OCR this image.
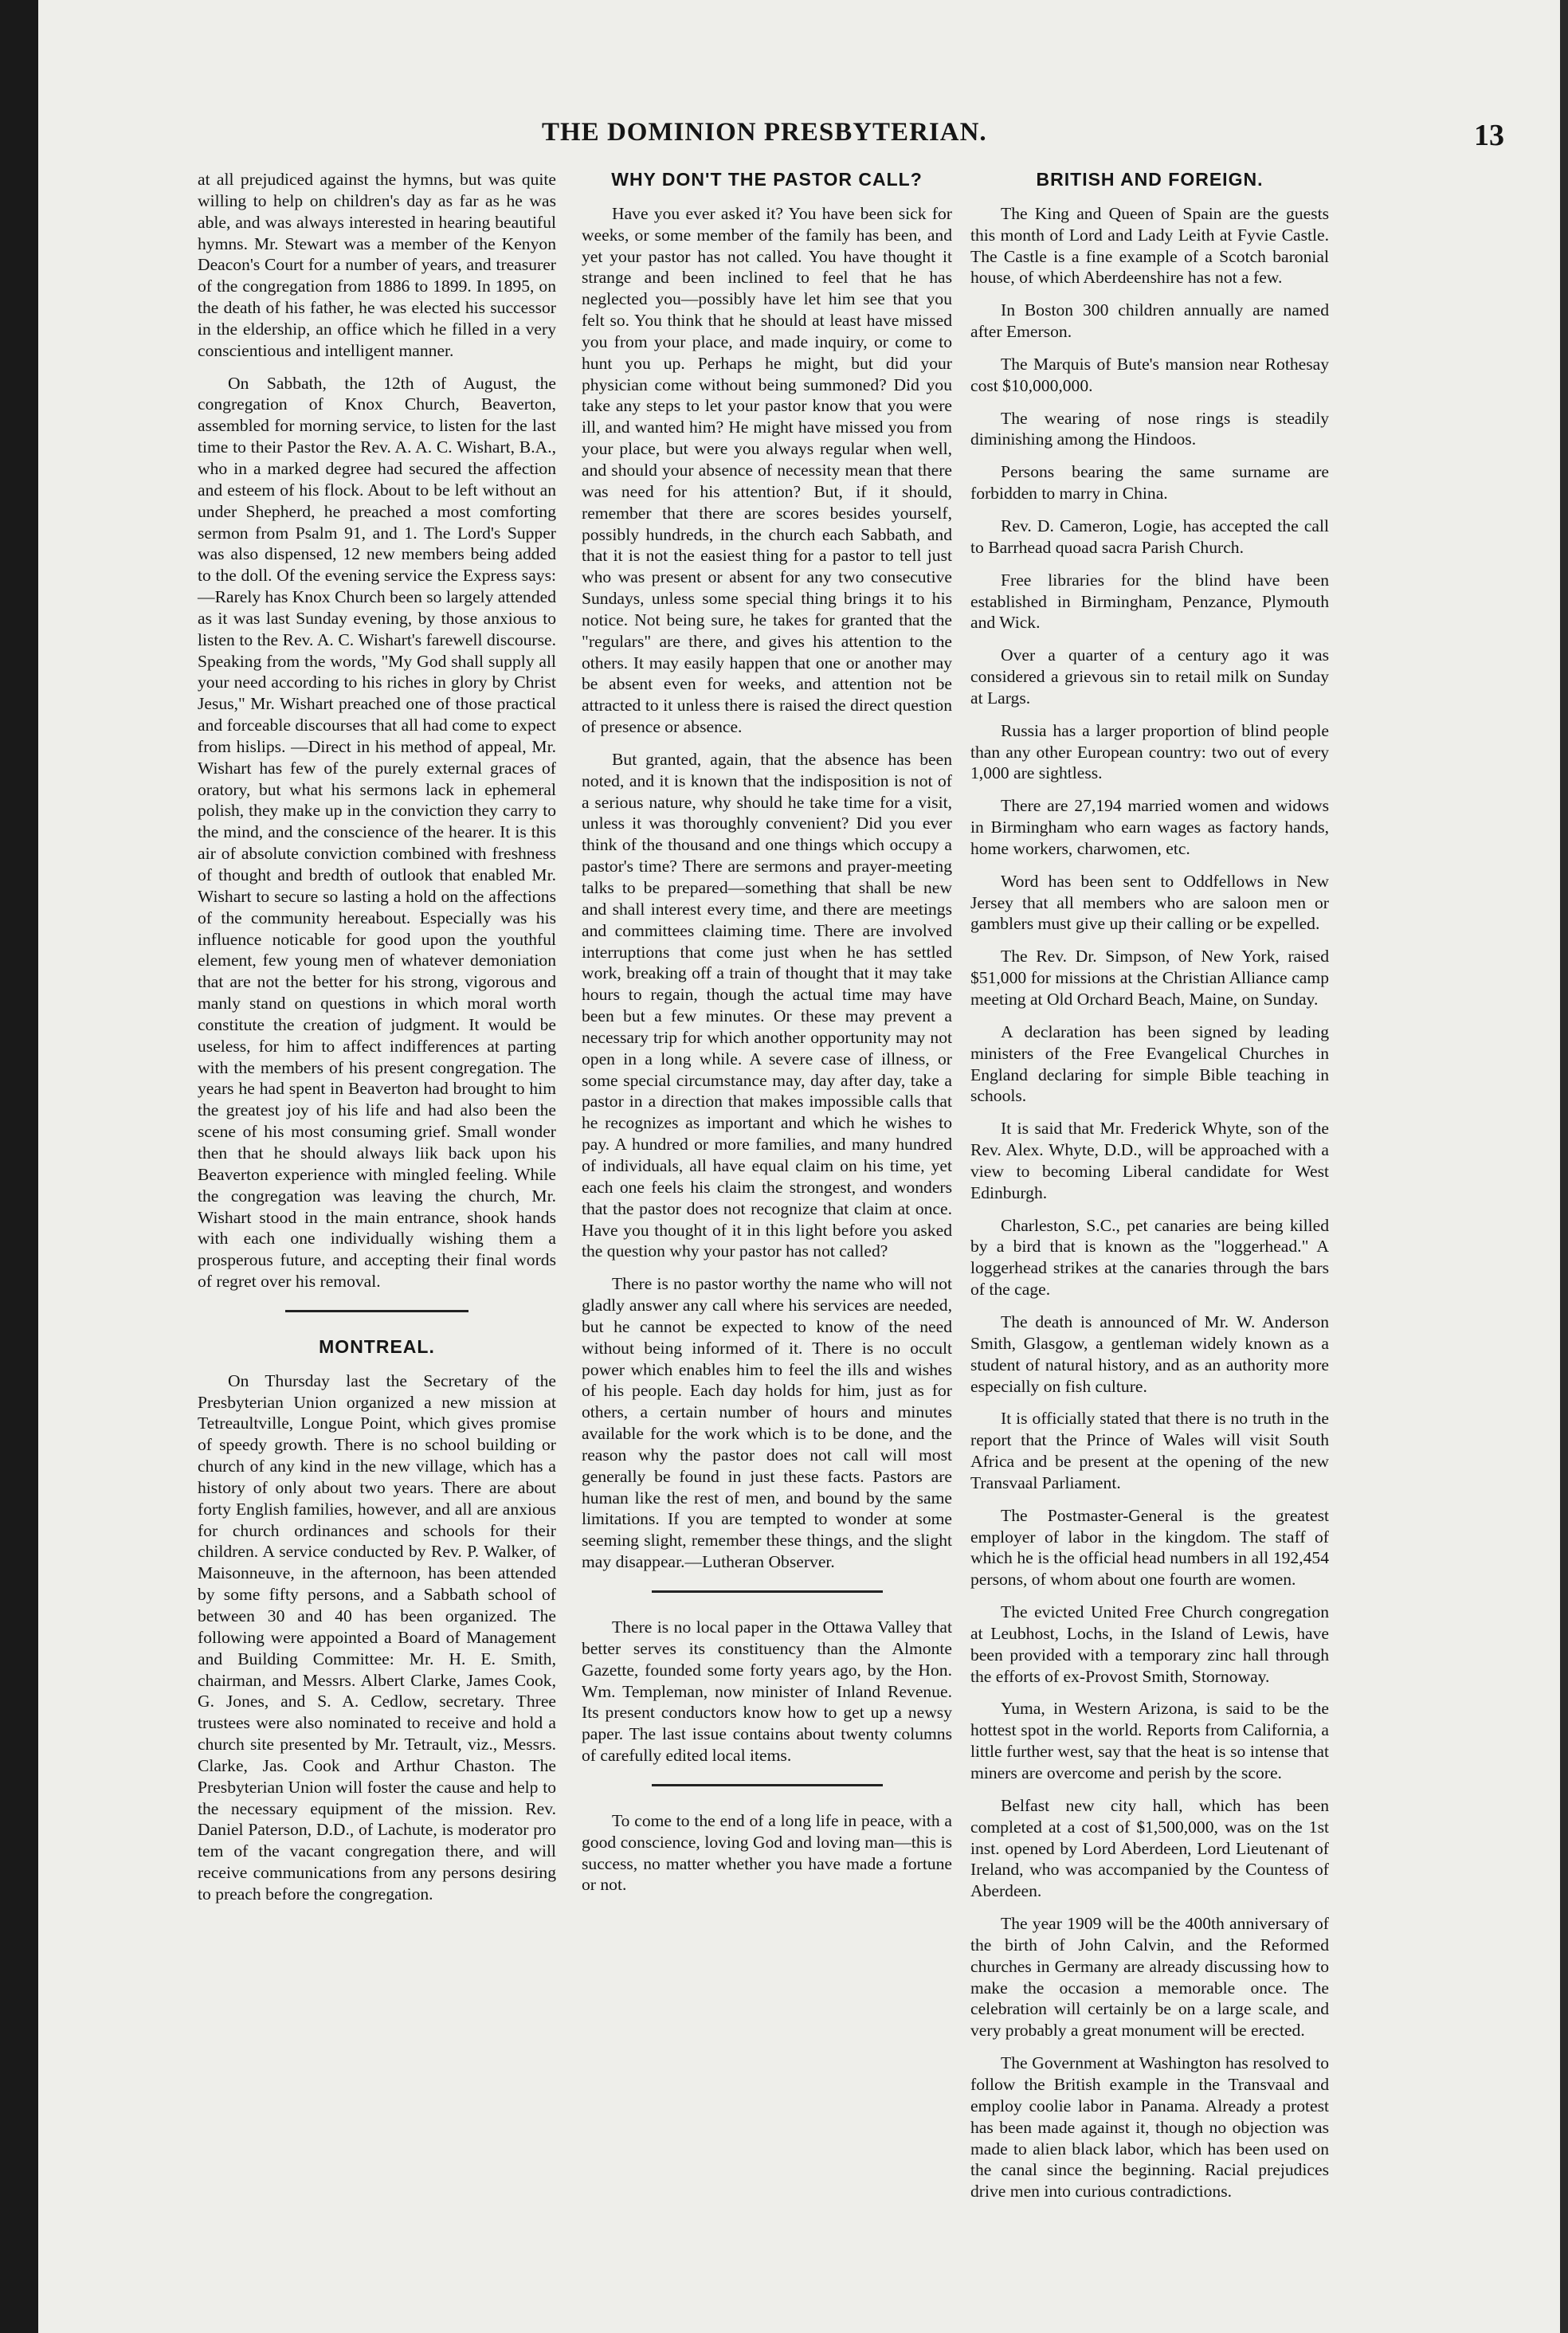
THE DOMINION PRESBYTERIAN.	13

at all prejudiced against the hymns, but was quite willing to help on children's day as far as he was able, and was always interested in hearing beautiful hymns. Mr. Stewart was a member of the Kenyon Deacon's Court for a number of years, and treasurer of the congregation from 1886 to 1899. In 1895, on the death of his father, he was elected his successor in the eldership, an office which he filled in a very conscientious and intelligent manner.

On Sabbath, the 12th of August, the congregation of Knox Church, Beaverton, assembled for morning service, to listen for the last time to their Pastor the Rev. A. A. C. Wishart, B.A., who in a marked degree had secured the affection and esteem of his flock. About to be left without an under Shepherd, he preached a most comforting sermon from Psalm 91, and 1. The Lord's Supper was also dispensed, 12 new members being added to the doll. Of the evening service the Express says:—Rarely has Knox Church been so largely attended as it was last Sunday evening, by those anxious to listen to the Rev. A. C. Wishart's farewell discourse. Speaking from the words, "My God shall supply all your need according to his riches in glory by Christ Jesus," Mr. Wishart preached one of those practical and forceable discourses that all had come to expect from hislips. —Direct in his method of appeal, Mr. Wishart has few of the purely external graces of oratory, but what his sermons lack in ephemeral polish, they make up in the conviction they carry to the mind, and the conscience of the hearer. It is this air of absolute conviction combined with freshness of thought and bredth of outlook that enabled Mr. Wishart to secure so lasting a hold on the affections of the community hereabout. Especially was his influence noticable for good upon the youthful element, few young men of whatever demoniation that are not the better for his strong, vigorous and manly stand on questions in which moral worth constitute the creation of judgment. It would be useless, for him to affect indifferences at parting with the members of his present congregation. The years he had spent in Beaverton had brought to him the greatest joy of his life and had also been the scene of his most consuming grief. Small wonder then that he should always liik back upon his Beaverton experience with mingled feeling. While the congregation was leaving the church, Mr. Wishart stood in the main entrance, shook hands with each one individually wishing them a prosperous future, and accepting their final words of regret over his removal.

MONTREAL.

On Thursday last the Secretary of the Presbyterian Union organized a new mission at Tetreaultville, Longue Point, which gives promise of speedy growth. There is no school building or church of any kind in the new village, which has a history of only about two years. There are about forty English families, however, and all are anxious for church ordinances and schools for their children. A service conducted by Rev. P. Walker, of Maisonneuve, in the afternoon, has been attended by some fifty persons, and a Sabbath school of between 30 and 40 has been organized. The following were appointed a Board of Management and Building Committee: Mr. H. E. Smith, chairman, and Messrs. Albert Clarke, James Cook, G. Jones, and S. A. Cedlow, secretary. Three trustees were also nominated to receive and hold a church site presented by Mr. Tetrault, viz., Messrs. Clarke, Jas. Cook and Arthur Chaston. The Presbyterian Union will foster the cause and help to the necessary equipment of the mission. Rev. Daniel Paterson, D.D., of Lachute, is moderator pro tem of the vacant congregation there, and will receive communications from any persons desiring to preach before the congregation.

WHY DON'T THE PASTOR CALL?

Have you ever asked it? You have been sick for weeks, or some member of the family has been, and yet your pastor has not called. You have thought it strange and been inclined to feel that he has neglected you—possibly have let him see that you felt so. You think that he should at least have missed you from your place, and made inquiry, or come to hunt you up. Perhaps he might, but did your physician come without being summoned? Did you take any steps to let your pastor know that you were ill, and wanted him? He might have missed you from your place, but were you always regular when well, and should your absence of necessity mean that there was need for his attention? But, if it should, remember that there are scores besides yourself, possibly hundreds, in the church each Sabbath, and that it is not the easiest thing for a pastor to tell just who was present or absent for any two consecutive Sundays, unless some special thing brings it to his notice. Not being sure, he takes for granted that the "regulars" are there, and gives his attention to the others. It may easily happen that one or another may be absent even for weeks, and attention not be attracted to it unless there is raised the direct question of presence or absence.

But granted, again, that the absence has been noted, and it is known that the indisposition is not of a serious nature, why should he take time for a visit, unless it was thoroughly convenient? Did you ever think of the thousand and one things which occupy a pastor's time? There are sermons and prayer-meeting talks to be prepared—something that shall be new and shall interest every time, and there are meetings and committees claiming time. There are involved interruptions that come just when he has settled work, breaking off a train of thought that it may take hours to regain, though the actual time may have been but a few minutes. Or these may prevent a necessary trip for which another opportunity may not open in a long while. A severe case of illness, or some special circumstance may, day after day, take a pastor in a direction that makes impossible calls that he recognizes as important and which he wishes to pay. A hundred or more families, and many hundred of individuals, all have equal claim on his time, yet each one feels his claim the strongest, and wonders that the pastor does not recognize that claim at once. Have you thought of it in this light before you asked the question why your pastor has not called?

There is no pastor worthy the name who will not gladly answer any call where his services are needed, but he cannot be expected to know of the need without being informed of it. There is no occult power which enables him to feel the ills and wishes of his people. Each day holds for him, just as for others, a certain number of hours and minutes available for the work which is to be done, and the reason why the pastor does not call will most generally be found in just these facts. Pastors are human like the rest of men, and bound by the same limitations. If you are tempted to wonder at some seeming slight, remember these things, and the slight may disappear.—Lutheran Observer.

There is no local paper in the Ottawa Valley that better serves its constituency than the Almonte Gazette, founded some forty years ago, by the Hon. Wm. Templeman, now minister of Inland Revenue. Its present conductors know how to get up a newsy paper. The last issue contains about twenty columns of carefully edited local items.

To come to the end of a long life in peace, with a good conscience, loving God and loving man—this is success, no matter whether you have made a fortune or not.

BRITISH AND FOREIGN.

The King and Queen of Spain are the guests this month of Lord and Lady Leith at Fyvie Castle. The Castle is a fine example of a Scotch baronial house, of which Aberdeenshire has not a few.

In Boston 300 children annually are named after Emerson.

The Marquis of Bute's mansion near Rothesay cost $10,000,000.

The wearing of nose rings is steadily diminishing among the Hindoos.

Persons bearing the same surname are forbidden to marry in China.

Rev. D. Cameron, Logie, has accepted the call to Barrhead quoad sacra Parish Church.

Free libraries for the blind have been established in Birmingham, Penzance, Plymouth and Wick.

Over a quarter of a century ago it was considered a grievous sin to retail milk on Sunday at Largs.

Russia has a larger proportion of blind people than any other European country: two out of every 1,000 are sightless.

There are 27,194 married women and widows in Birmingham who earn wages as factory hands, home workers, charwomen, etc.

Word has been sent to Oddfellows in New Jersey that all members who are saloon men or gamblers must give up their calling or be expelled.

The Rev. Dr. Simpson, of New York, raised $51,000 for missions at the Christian Alliance camp meeting at Old Orchard Beach, Maine, on Sunday.

A declaration has been signed by leading ministers of the Free Evangelical Churches in England declaring for simple Bible teaching in schools.

It is said that Mr. Frederick Whyte, son of the Rev. Alex. Whyte, D.D., will be approached with a view to becoming Liberal candidate for West Edinburgh.

Charleston, S.C., pet canaries are being killed by a bird that is known as the "loggerhead." A loggerhead strikes at the canaries through the bars of the cage.

The death is announced of Mr. W. Anderson Smith, Glasgow, a gentleman widely known as a student of natural history, and as an authority more especially on fish culture.

It is officially stated that there is no truth in the report that the Prince of Wales will visit South Africa and be present at the opening of the new Transvaal Parliament.

The Postmaster-General is the greatest employer of labor in the kingdom. The staff of which he is the official head numbers in all 192,454 persons, of whom about one fourth are women.

The evicted United Free Church congregation at Leubhost, Lochs, in the Island of Lewis, have been provided with a temporary zinc hall through the efforts of ex-Provost Smith, Stornoway.

Yuma, in Western Arizona, is said to be the hottest spot in the world. Reports from California, a little further west, say that the heat is so intense that miners are overcome and perish by the score.

Belfast new city hall, which has been completed at a cost of $1,500,000, was on the 1st inst. opened by Lord Aberdeen, Lord Lieutenant of Ireland, who was accompanied by the Countess of Aberdeen.

The year 1909 will be the 400th anniversary of the birth of John Calvin, and the Reformed churches in Germany are already discussing how to make the occasion a memorable once. The celebration will certainly be on a large scale, and very probably a great monument will be erected.

The Government at Washington has resolved to follow the British example in the Transvaal and employ coolie labor in Panama. Already a protest has been made against it, though no objection was made to alien black labor, which has been used on the canal since the beginning. Racial prejudices drive men into curious contradictions.
